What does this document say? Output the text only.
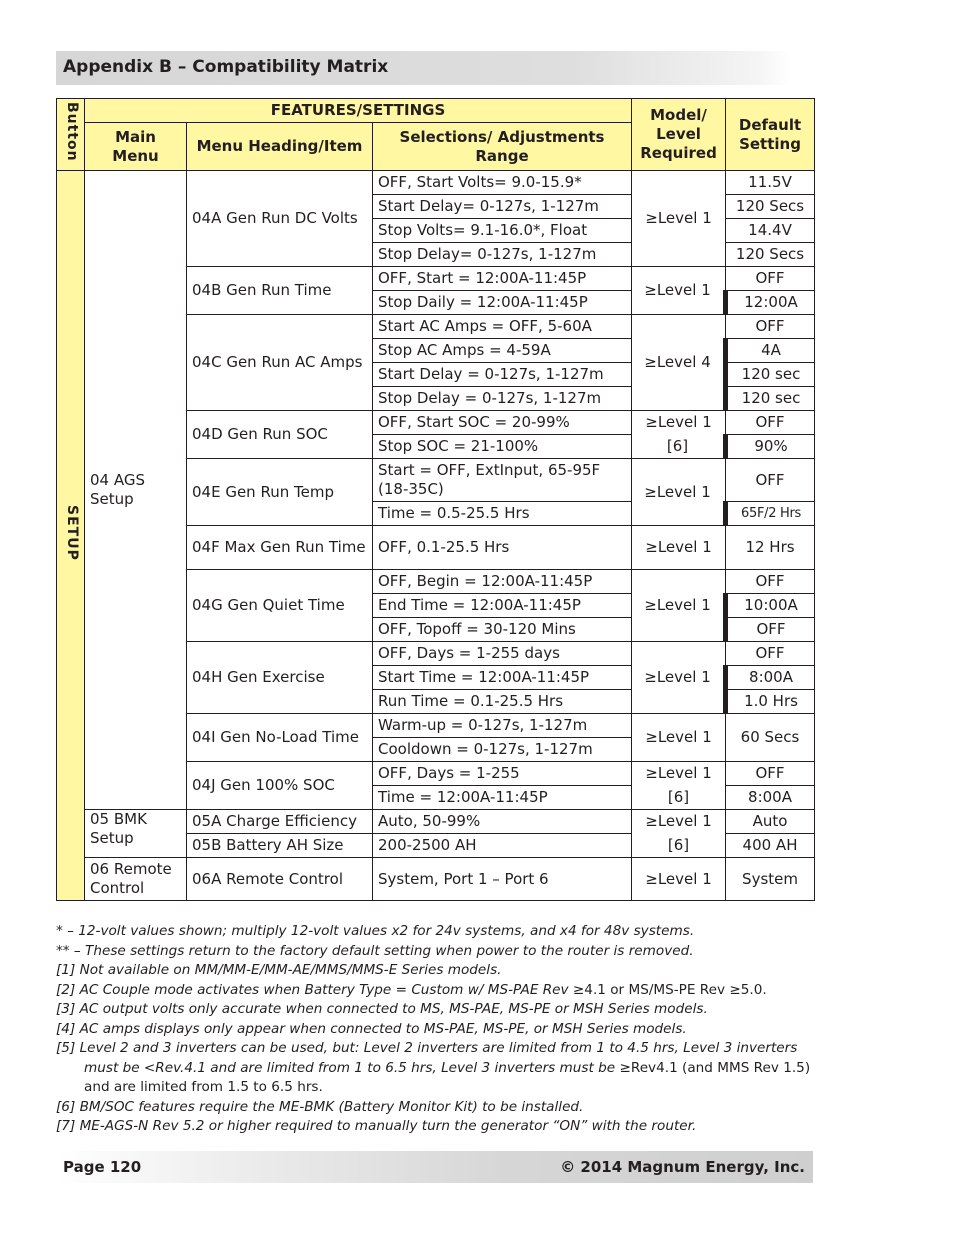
Appendix B – Compatibility Matrix
Button	FEATURES/SETTINGS			Model/ Level Required	Default Setting
	Main Menu	Menu Heading/Item	Selections/ Adjustments Range		
SETUP	04 AGS Setup	04A Gen Run DC Volts	OFF, Start Volts= 9.0-15.9*	≥Level 1	11.5V
			Start Delay= 0-127s, 1-127m		120 Secs
			Stop Volts= 9.1-16.0*, Float		14.4V
			Stop Delay= 0-127s, 1-127m		120 Secs
		04B Gen Run Time	OFF, Start = 12:00A-11:45P	≥Level 1	OFF
			Stop Daily = 12:00A-11:45P		12:00A
		04C Gen Run AC Amps	Start AC Amps = OFF, 5-60A	≥Level 4	OFF
			Stop AC Amps = 4-59A		4A
			Start Delay = 0-127s, 1-127m		120 sec
			Stop Delay = 0-127s, 1-127m		120 sec
		04D Gen Run SOC	OFF, Start SOC = 20-99%	≥Level 1	OFF
			Stop SOC = 21-100%	[6]	90%
		04E Gen Run Temp	Start = OFF, ExtInput, 65-95F (18-35C)	≥Level 1	OFF
			Time = 0.5-25.5 Hrs		65F/2 Hrs
		04F Max Gen Run Time	OFF, 0.1-25.5 Hrs	≥Level 1	12 Hrs
		04G Gen Quiet Time	OFF, Begin = 12:00A-11:45P	≥Level 1	OFF
			End Time = 12:00A-11:45P		10:00A
			OFF, Topoff = 30-120 Mins		OFF
		04H Gen Exercise	OFF, Days = 1-255 days	≥Level 1	OFF
			Start Time = 12:00A-11:45P		8:00A
			Run Time = 0.1-25.5 Hrs		1.0 Hrs
		04I Gen No-Load Time	Warm-up = 0-127s, 1-127m	≥Level 1	60 Secs
			Cooldown = 0-127s, 1-127m		
		04J Gen 100% SOC	OFF, Days = 1-255	≥Level 1	OFF
			Time = 12:00A-11:45P	[6]	8:00A
	05 BMK Setup	05A Charge Efficiency	Auto, 50-99%	≥Level 1	Auto
		05B Battery AH Size	200-2500 AH	[6]	400 AH
	06 Remote Control	06A Remote Control	System, Port 1 – Port 6	≥Level 1	System

* – 12-volt values shown; multiply 12-volt values x2 for 24v systems, and x4 for 48v systems.

** – These settings return to the factory default setting when power to the router is removed.

[1] Not available on MM/MM-E/MM-AE/MMS/MMS-E Series models.

[2] AC Couple mode activates when Battery Type = Custom w/ MS-PAE Rev ≥4.1 or MS/MS-PE Rev ≥5.0.

[3] AC output volts only accurate when connected to MS, MS-PAE, MS-PE or MSH Series models.

[4] AC amps displays only appear when connected to MS-PAE, MS-PE, or MSH Series models.

[5] Level 2 and 3 inverters can be used, but: Level 2 inverters are limited from 1 to 4.5 hrs, Level 3 inverters

must be <Rev.4.1 and are limited from 1 to 6.5 hrs, Level 3 inverters must be ≥Rev4.1 (and MMS Rev 1.5)

and are limited from 1.5 to 6.5 hrs.

[6] BM/SOC features require the ME-BMK (Battery Monitor Kit) to be installed.

[7] ME-AGS-N Rev 5.2 or higher required to manually turn the generator “ON” with the router.

Page 120	© 2014 Magnum Energy, Inc.
